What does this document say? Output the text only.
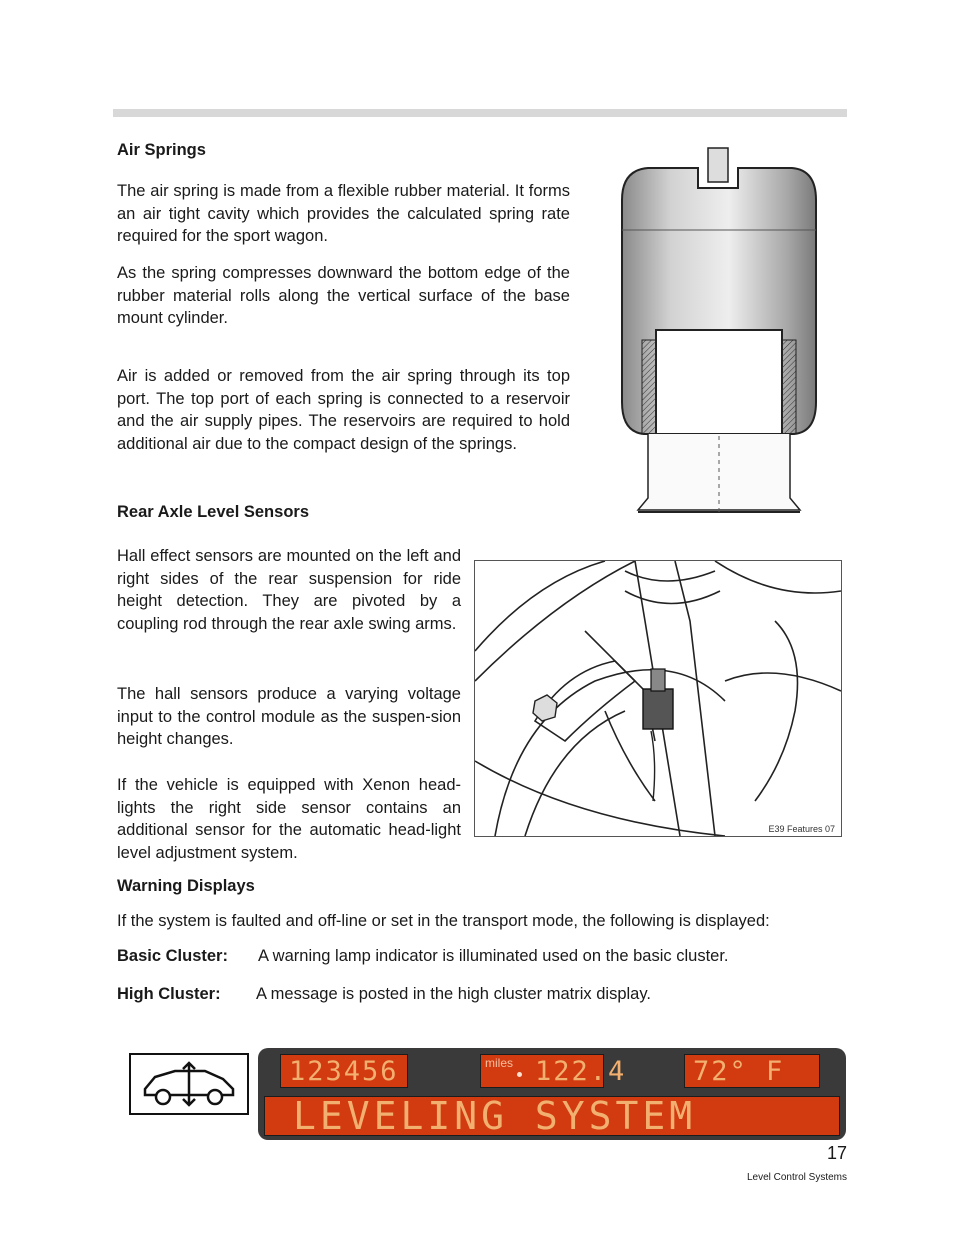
Air Springs

The air spring is made from a flexible rubber material. It forms an air tight cavity which provides the calculated spring rate required for the sport wagon.

As the spring compresses downward the bottom edge of the rubber material rolls along the vertical surface of the base mount cylinder.

Air is added or removed from the air spring through its top port. The top port of each spring is connected to a reservoir and the air supply pipes. The reservoirs are required to hold additional air due to the compact design of the springs.

Rear Axle Level Sensors

Hall effect sensors are mounted on the left and right sides of the rear suspension for ride height detection. They are pivoted by a coupling rod through the rear axle swing arms.

The hall sensors produce a varying voltage input to the control module as the suspen-sion height changes.

If the vehicle is equipped with Xenon head-lights the right side sensor contains an additional sensor for the automatic head-light level adjustment system.

E39 Features 07
Warning Displays

If the system is faulted and off-line or set in the transport mode, the following is displayed:

Basic Cluster: A warning lamp indicator is illuminated used on the basic cluster.
High Cluster: A message is posted in the high cluster matrix display.
123456	miles 122.4 72° F
LEVELING SYSTEM
17
Level Control Systems
